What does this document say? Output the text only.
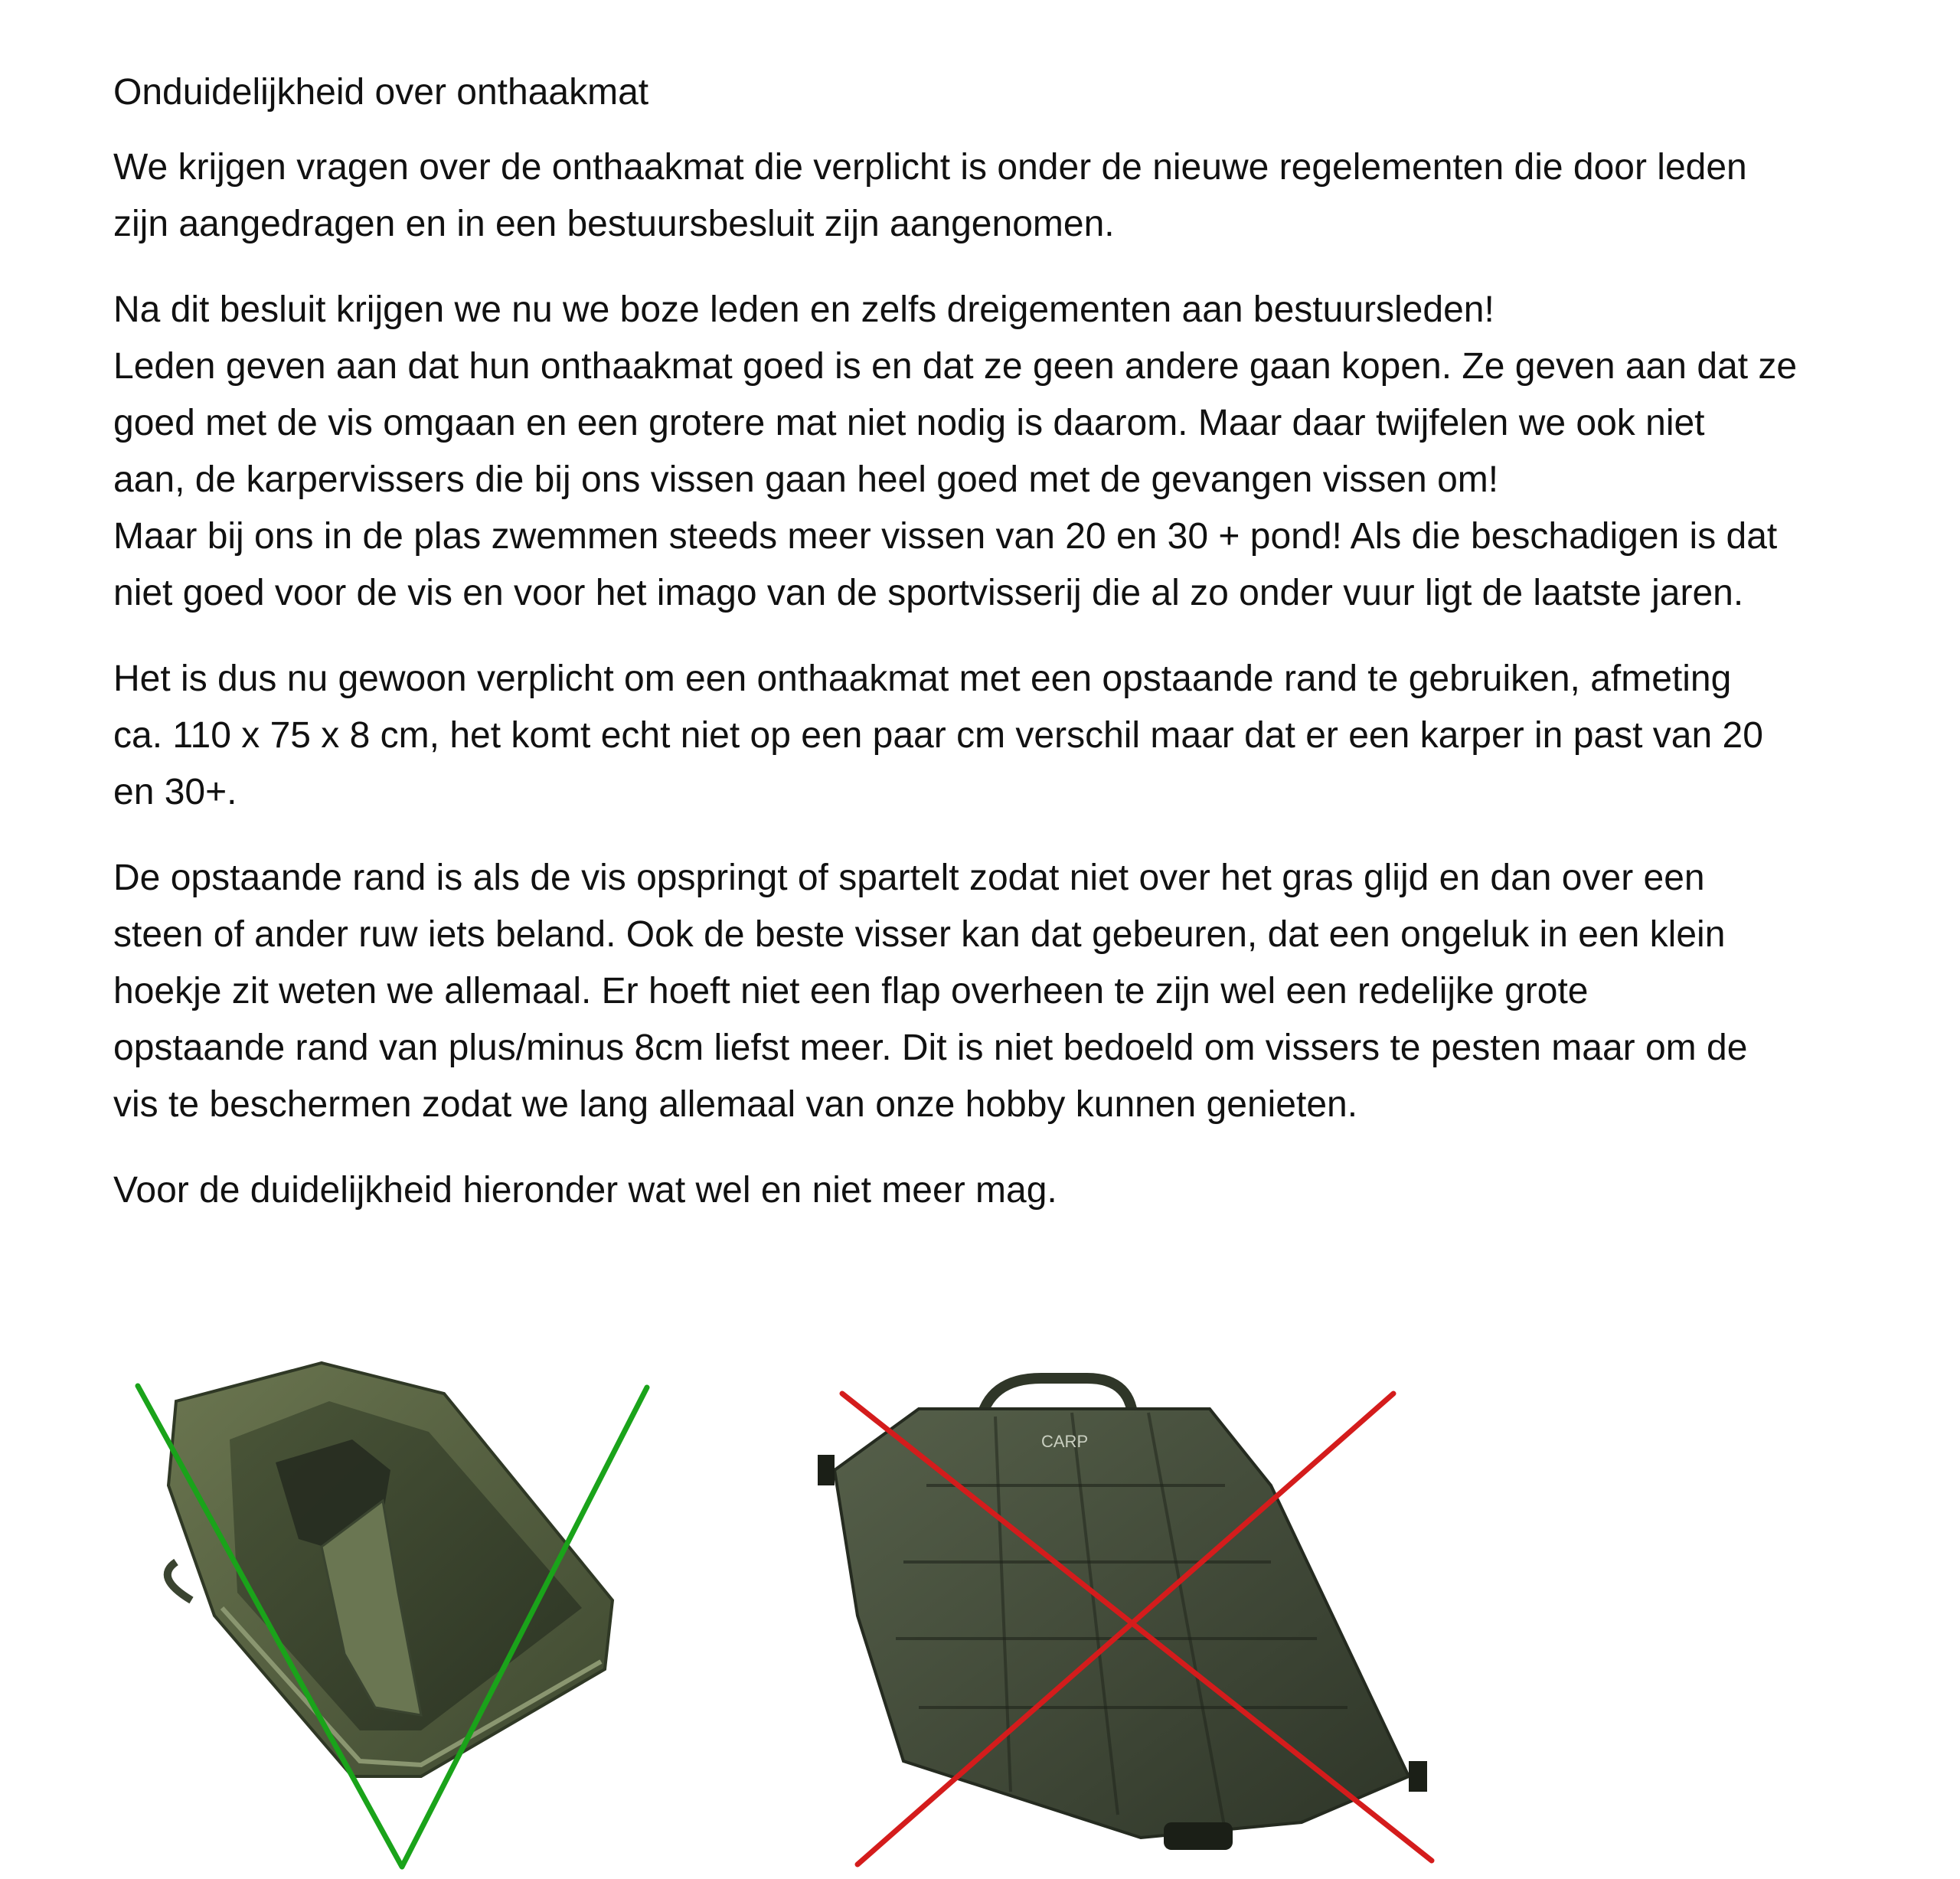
Onduidelijkheid over onthaakmat
We krijgen vragen over de onthaakmat die verplicht is onder de nieuwe regelementen die door leden
zijn aangedragen en in een bestuursbesluit zijn aangenomen.
Na dit besluit krijgen we nu we boze leden en zelfs dreigementen aan bestuursleden!
Leden geven aan dat hun onthaakmat goed is en dat ze geen andere gaan kopen. Ze geven aan dat ze
goed met de vis omgaan en een grotere mat niet nodig is daarom. Maar daar twijfelen we ook niet
aan, de karpervissers die bij ons vissen gaan heel goed met de gevangen vissen om!
Maar bij ons in de plas zwemmen steeds meer vissen van 20 en 30 + pond! Als die beschadigen is dat
niet goed voor de vis en voor het imago van de sportvisserij die al zo onder vuur ligt de laatste jaren.
Het is dus nu gewoon verplicht om een onthaakmat met een opstaande rand te gebruiken, afmeting
ca. 110 x 75 x 8 cm, het komt echt niet op een paar cm verschil maar dat er een karper in past van 20
en 30+.
De opstaande rand is als de vis opspringt of spartelt zodat niet over het gras glijd en dan over een
steen of ander ruw iets beland. Ook de beste visser kan dat gebeuren, dat een ongeluk in een klein
hoekje zit weten we allemaal. Er hoeft niet een flap overheen te zijn wel een redelijke grote
opstaande rand van plus/minus 8cm liefst meer. Dit is niet bedoeld om vissers te pesten maar om de
vis te beschermen zodat we lang allemaal van onze hobby kunnen genieten.
Voor de duidelijkheid hieronder wat wel en niet meer mag.
CARP
